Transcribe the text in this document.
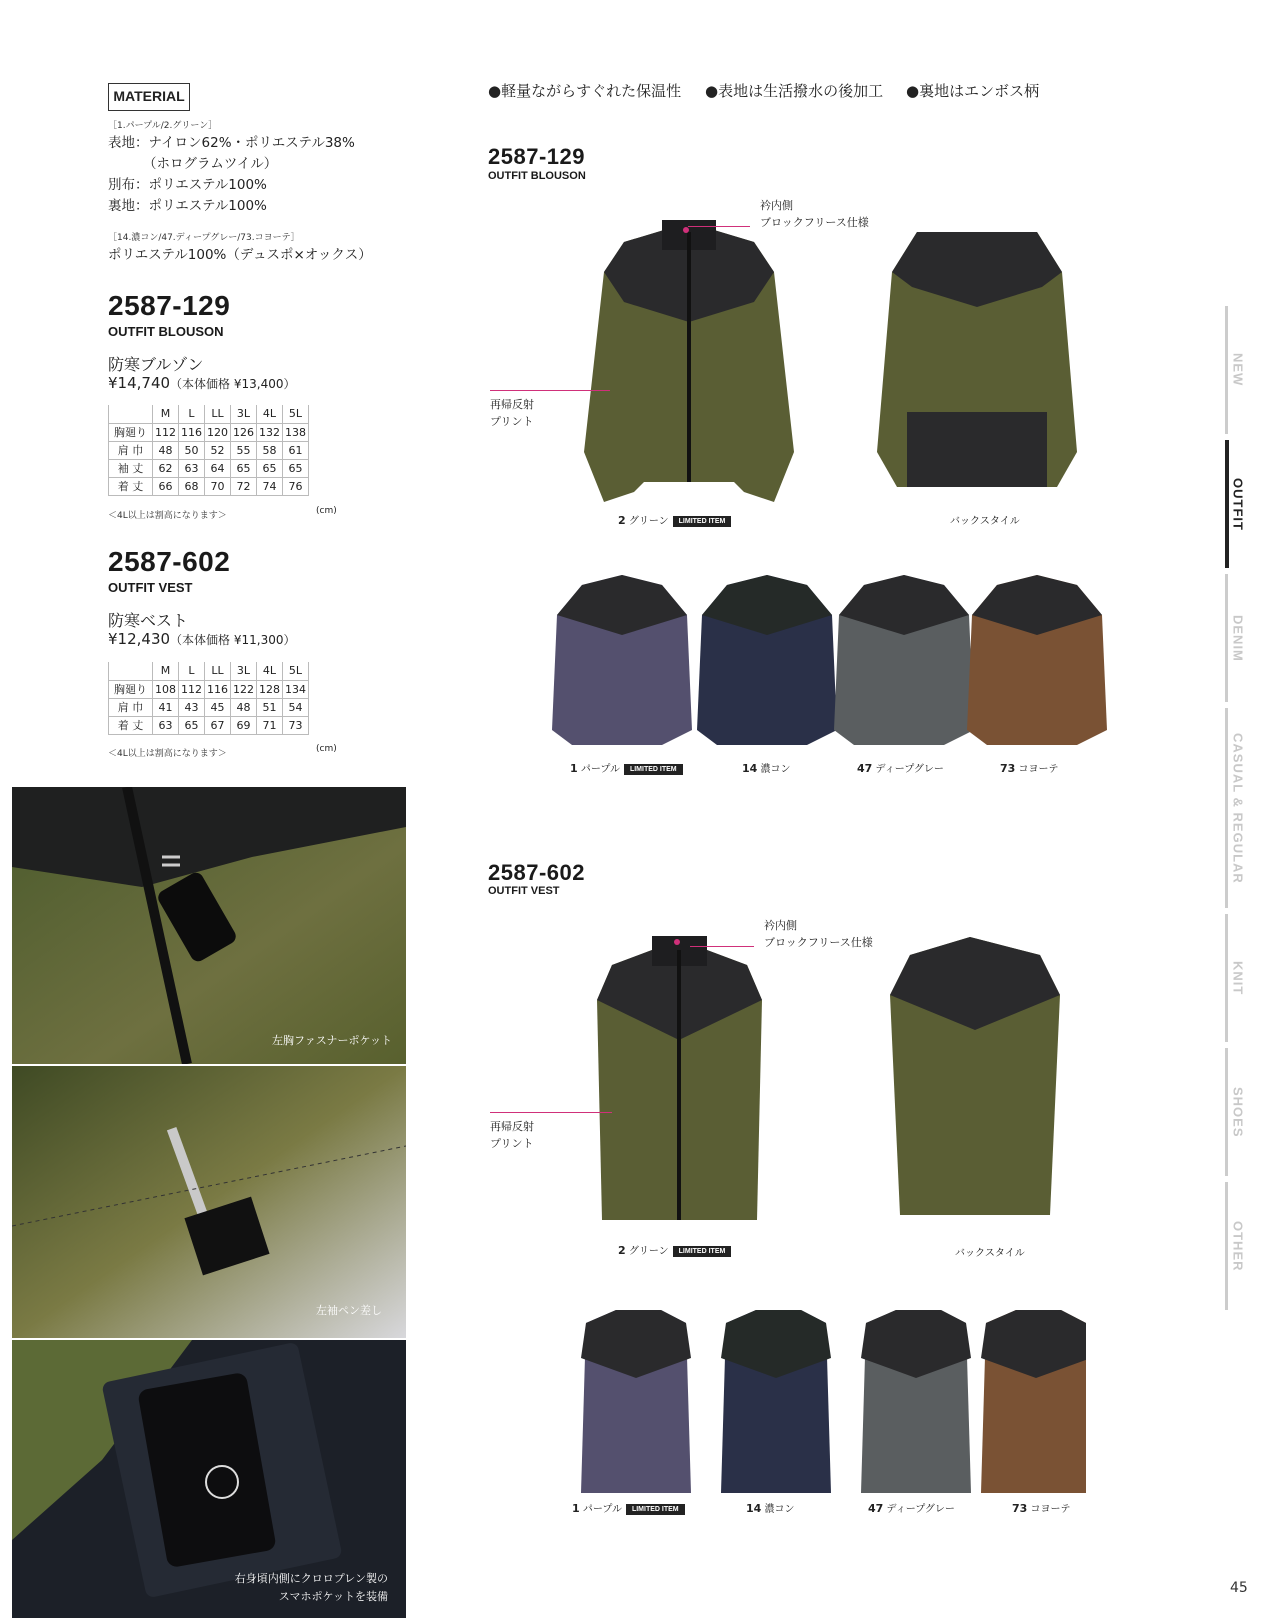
MATERIAL
［1.パープル/2.グリーン］
表地：ナイロン62%・ポリエステル38%
（ホログラムツイル）
別布：ポリエステル100%
裏地：ポリエステル100%
［14.濃コン/47.ディープグレー/73.コヨーテ］
ポリエステル100%（デュスポ×オックス）
2587-129
OUTFIT BLOUSON
防寒ブルゾン
¥14,740（本体価格 ¥13,400）
	M	L	LL	3L	4L	5L
胸廻り	112	116	120	126	132	138
肩 巾	48	50	52	55	58	61
袖 丈	62	63	64	65	65	65
着 丈	66	68	70	72	74	76
＜4L以上は割高になります＞	(cm)
2587-602
OUTFIT VEST
防寒ベスト
¥12,430（本体価格 ¥11,300）
	M	L	LL	3L	4L	5L
胸廻り	108	112	116	122	128	134
肩 巾	41	43	45	48	51	54
着 丈	63	65	67	69	71	73
＜4L以上は割高になります＞	(cm)
左胸ファスナーポケット
左袖ペン差し
右身頃内側にクロロプレン製の
スマホポケットを装備
●軽量ながらすぐれた保温性 ●表地は生活撥水の後加工 ●裏地はエンボス柄
2587-129
OUTFIT BLOUSON
衿内側
ブロックフリース仕様
再帰反射
プリント
2 グリーン LIMITED ITEM	バックスタイル
1 パープル LIMITED ITEM	14 濃コン	47 ディープグレー	73 コヨーテ
2587-602
OUTFIT VEST
衿内側
ブロックフリース仕様
再帰反射
プリント
2 グリーン LIMITED ITEM	バックスタイル
1 パープル LIMITED ITEM	14 濃コン	47 ディープグレー	73 コヨーテ
NEW
OUTFIT
DENIM
CASUAL & REGULAR
KNIT
SHOES
OTHER
45
